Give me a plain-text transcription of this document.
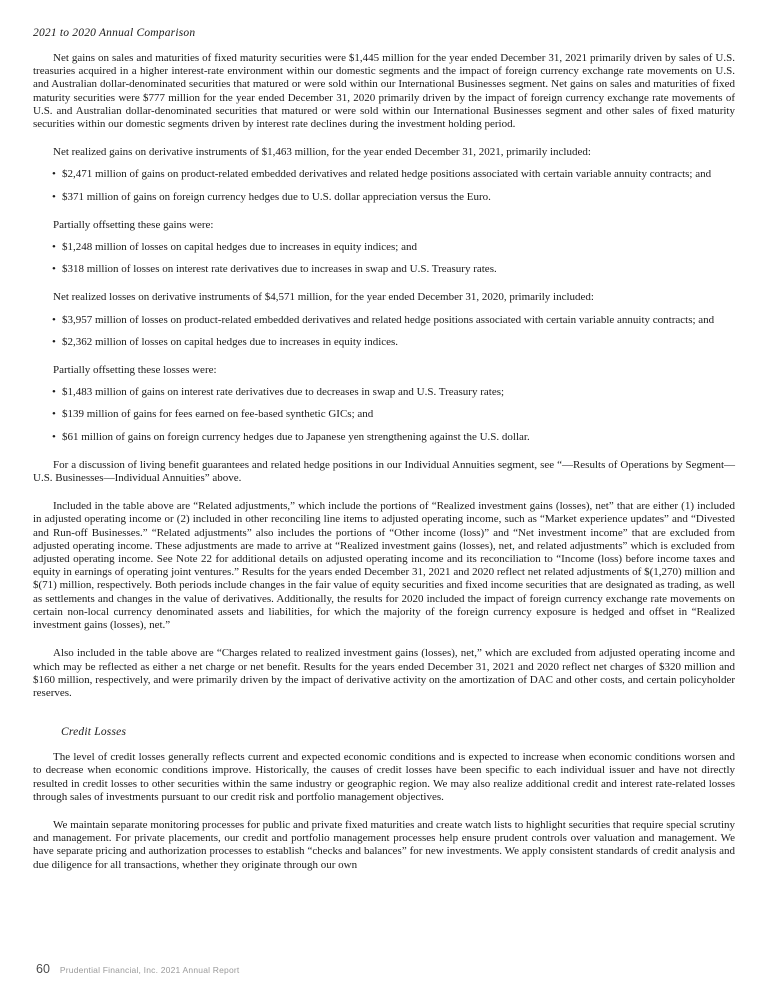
2021 to 2020 Annual Comparison

Net gains on sales and maturities of fixed maturity securities were $1,445 million for the year ended December 31, 2021 primarily driven by sales of U.S. treasuries acquired in a higher interest-rate environment within our domestic segments and the impact of foreign currency exchange rate movements on U.S. and Australian dollar-denominated securities that matured or were sold within our International Businesses segment. Net gains on sales and maturities of fixed maturity securities were $777 million for the year ended December 31, 2020 primarily driven by the impact of foreign currency exchange rate movements of U.S. and Australian dollar-denominated securities that matured or were sold within our International Businesses segment and other sales of fixed maturity securities within our domestic segments driven by interest rate declines during the investment holding period.

Net realized gains on derivative instruments of $1,463 million, for the year ended December 31, 2021, primarily included:

• $2,471 million of gains on product-related embedded derivatives and related hedge positions associated with certain variable annuity contracts; and
• $371 million of gains on foreign currency hedges due to U.S. dollar appreciation versus the Euro.

Partially offsetting these gains were:

• $1,248 million of losses on capital hedges due to increases in equity indices; and
• $318 million of losses on interest rate derivatives due to increases in swap and U.S. Treasury rates.

Net realized losses on derivative instruments of $4,571 million, for the year ended December 31, 2020, primarily included:

• $3,957 million of losses on product-related embedded derivatives and related hedge positions associated with certain variable annuity contracts; and
• $2,362 million of losses on capital hedges due to increases in equity indices.

Partially offsetting these losses were:

• $1,483 million of gains on interest rate derivatives due to decreases in swap and U.S. Treasury rates;
• $139 million of gains for fees earned on fee-based synthetic GICs; and
• $61 million of gains on foreign currency hedges due to Japanese yen strengthening against the U.S. dollar.

For a discussion of living benefit guarantees and related hedge positions in our Individual Annuities segment, see “—Results of Operations by Segment—U.S. Businesses—Individual Annuities” above.

Included in the table above are “Related adjustments,” which include the portions of “Realized investment gains (losses), net” that are either (1) included in adjusted operating income or (2) included in other reconciling line items to adjusted operating income, such as “Market experience updates” and “Divested and Run-off Businesses.” “Related adjustments” also includes the portions of “Other income (loss)” and “Net investment income” that are excluded from adjusted operating income. These adjustments are made to arrive at “Realized investment gains (losses), net, and related adjustments” which is excluded from adjusted operating income. See Note 22 for additional details on adjusted operating income and its reconciliation to “Income (loss) before income taxes and equity in earnings of operating joint ventures.” Results for the years ended December 31, 2021 and 2020 reflect net related adjustments of $(1,270) million and $(71) million, respectively. Both periods include changes in the fair value of equity securities and fixed income securities that are designated as trading, as well as settlements and changes in the value of derivatives. Additionally, the results for 2020 included the impact of foreign currency exchange rate movements on certain non-local currency denominated assets and liabilities, for which the majority of the foreign currency exposure is hedged and offset in “Realized investment gains (losses), net.”

Also included in the table above are “Charges related to realized investment gains (losses), net,” which are excluded from adjusted operating income and which may be reflected as either a net charge or net benefit. Results for the years ended December 31, 2021 and 2020 reflect net charges of $320 million and $160 million, respectively, and were primarily driven by the impact of derivative activity on the amortization of DAC and other costs, and certain policyholder reserves.

Credit Losses

The level of credit losses generally reflects current and expected economic conditions and is expected to increase when economic conditions worsen and to decrease when economic conditions improve. Historically, the causes of credit losses have been specific to each individual issuer and have not directly resulted in credit losses to other securities within the same industry or geographic region. We may also realize additional credit and interest rate-related losses through sales of investments pursuant to our credit risk and portfolio management objectives.

We maintain separate monitoring processes for public and private fixed maturities and create watch lists to highlight securities that require special scrutiny and management. For private placements, our credit and portfolio management processes help ensure prudent controls over valuation and management. We have separate pricing and authorization processes to establish “checks and balances” for new investments. We apply consistent standards of credit analysis and due diligence for all transactions, whether they originate through our own

60 Prudential Financial, Inc. 2021 Annual Report
